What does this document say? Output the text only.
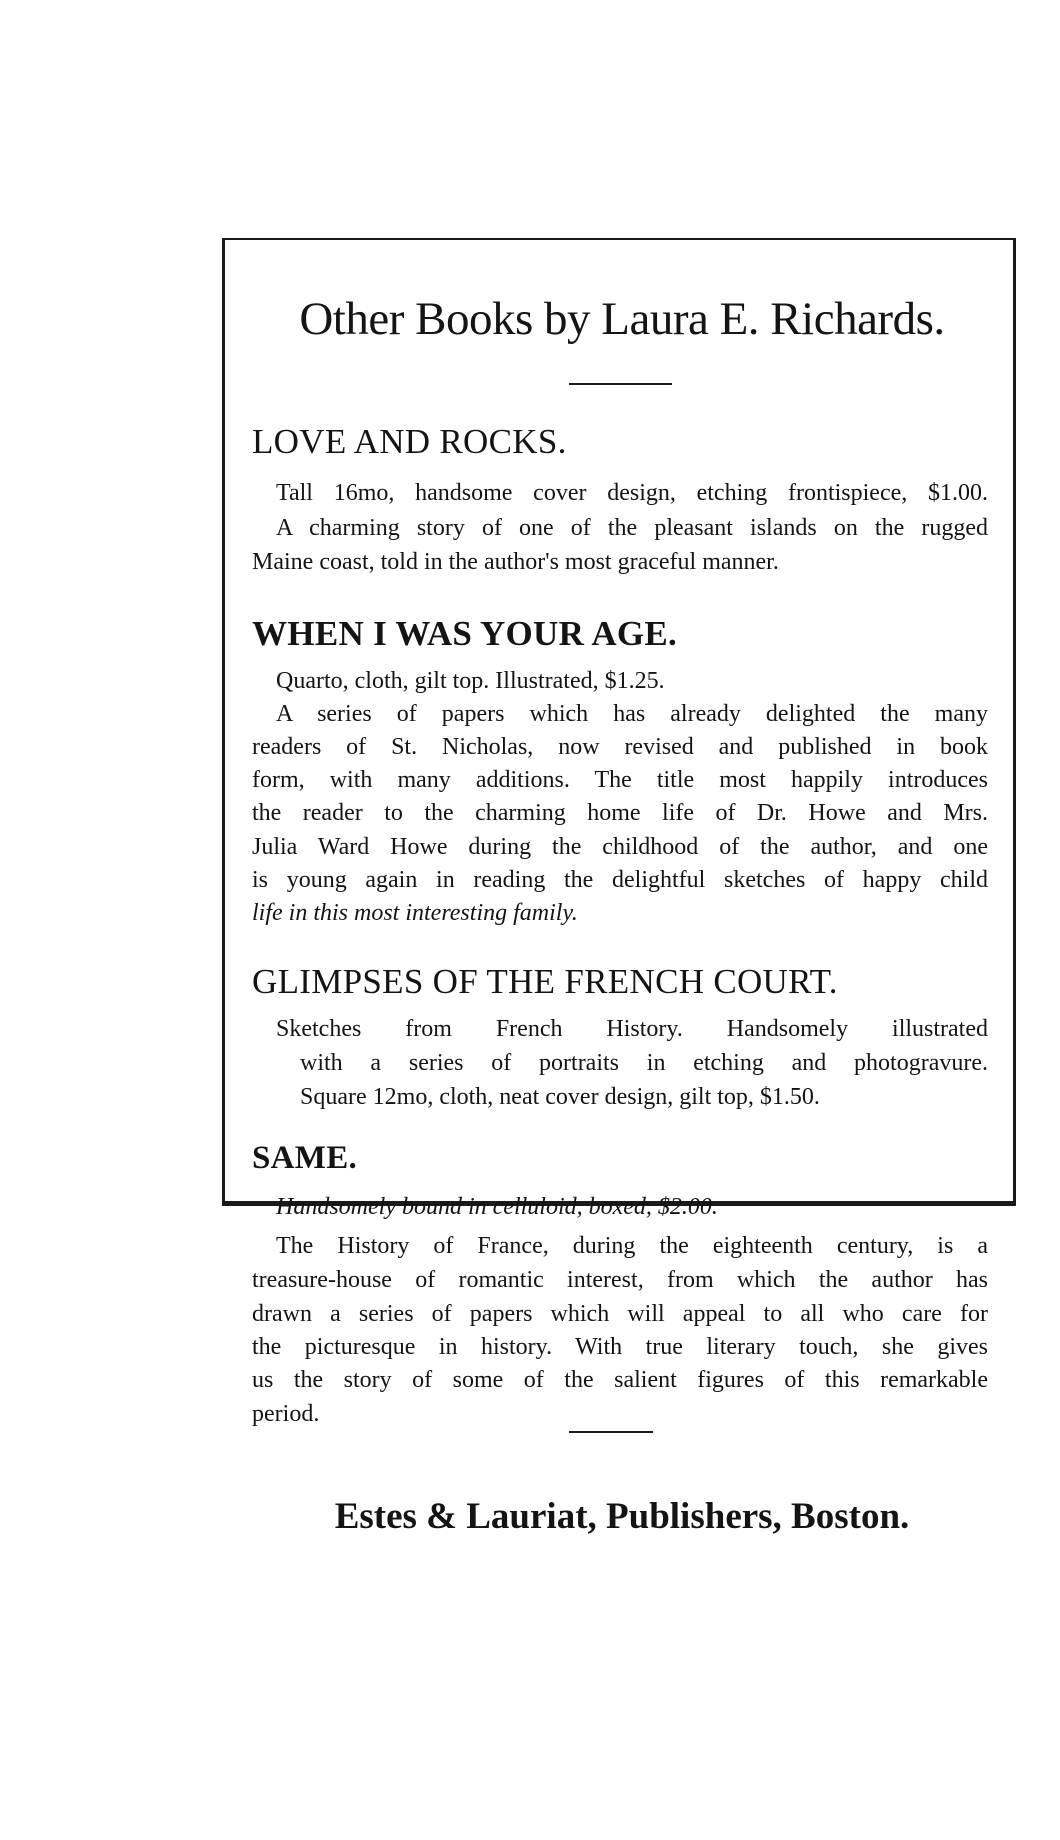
Other Books by Laura E. Richards.
LOVE AND ROCKS.
Tall 16mo, handsome cover design, etching frontispiece, $1.00.
A charming story of one of the pleasant islands on the rugged
Maine coast, told in the author's most graceful manner.
WHEN I WAS YOUR AGE.
Quarto, cloth, gilt top. Illustrated, $1.25.
A series of papers which has already delighted the many
readers of St. Nicholas, now revised and published in book
form, with many additions. The title most happily introduces
the reader to the charming home life of Dr. Howe and Mrs.
Julia Ward Howe during the childhood of the author, and one
is young again in reading the delightful sketches of happy child
life in this most interesting family.
GLIMPSES OF THE FRENCH COURT.
Sketches from French History. Handsomely illustrated
with a series of portraits in etching and photogravure.
Square 12mo, cloth, neat cover design, gilt top, $1.50.
SAME.
Handsomely bound in celluloid, boxed, $2.00.
The History of France, during the eighteenth century, is a
treasure-house of romantic interest, from which the author has
drawn a series of papers which will appeal to all who care for
the picturesque in history. With true literary touch, she gives
us the story of some of the salient figures of this remarkable
period.
Estes & Lauriat, Publishers, Boston.
